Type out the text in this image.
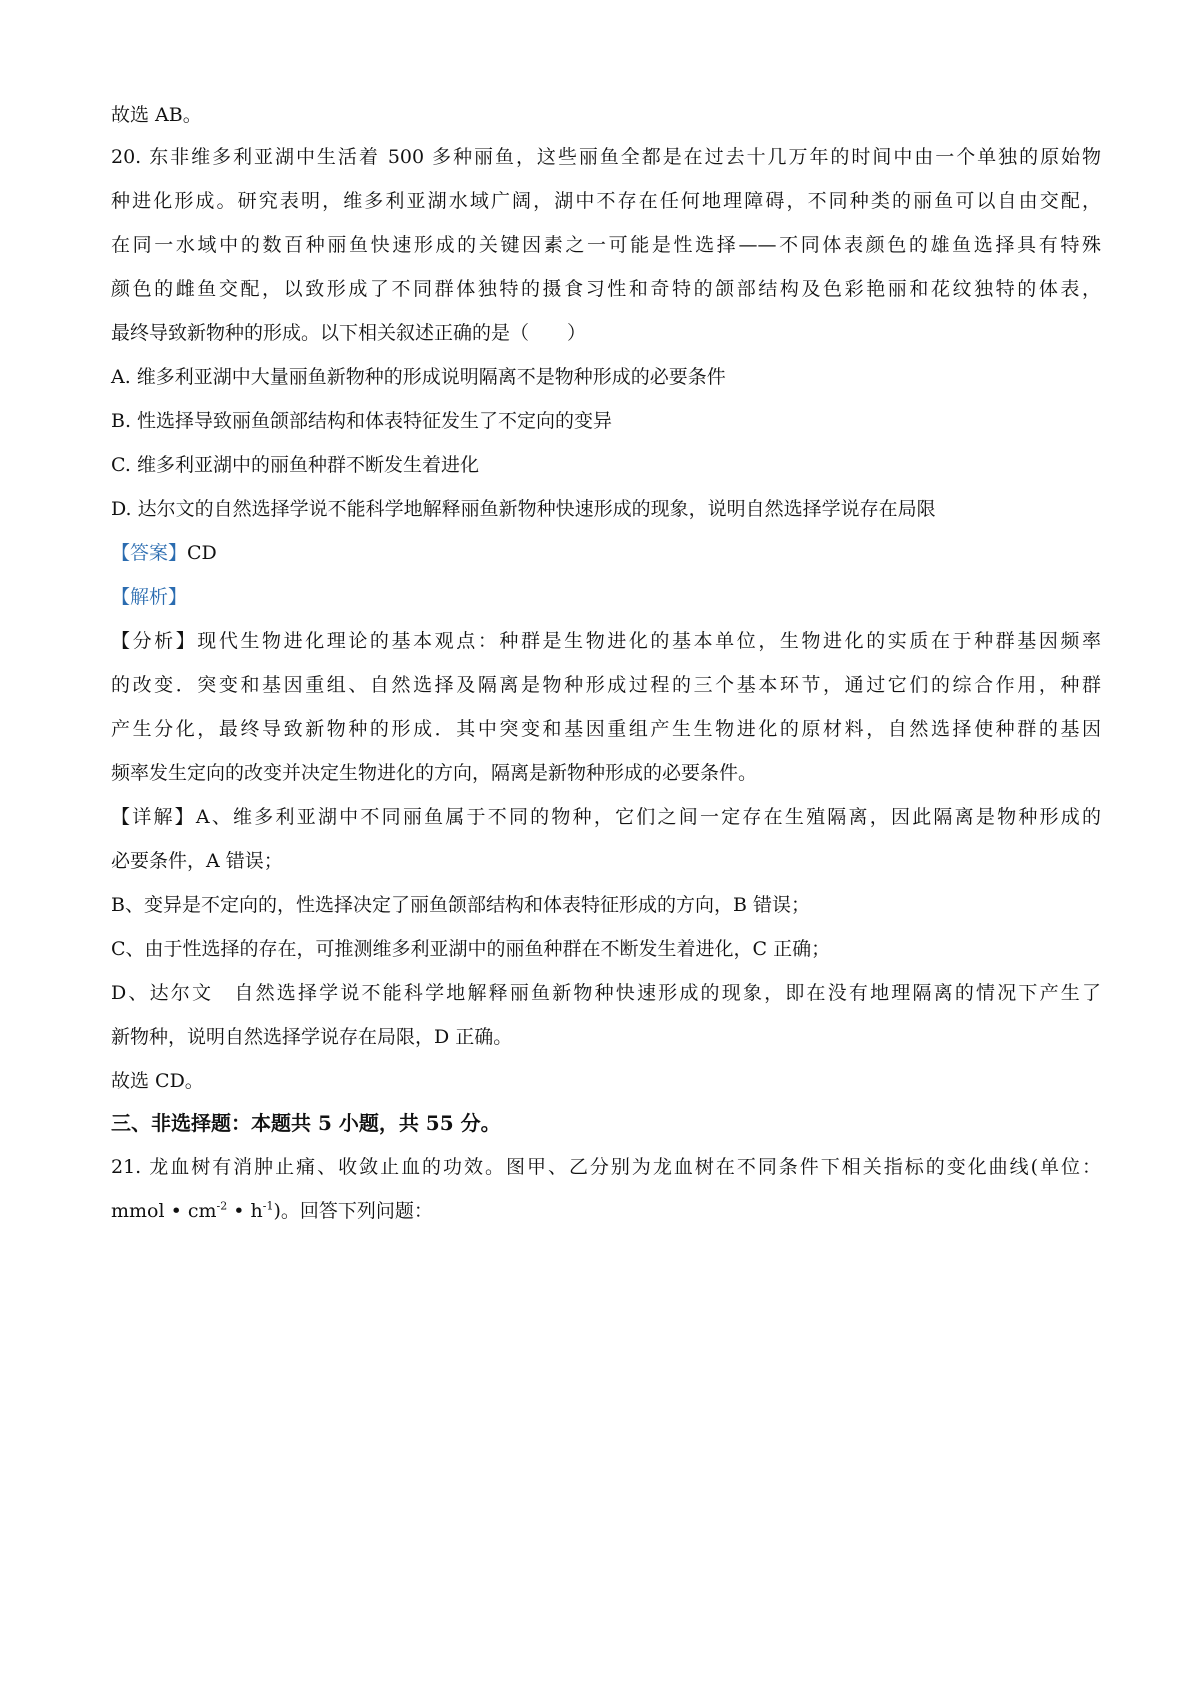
故选 AB。
20. 东非维多利亚湖中生活着 500 多种丽鱼，这些丽鱼全都是在过去十几万年的时间中由一个单独的原始物
种进化形成。研究表明，维多利亚湖水域广阔，湖中不存在任何地理障碍，不同种类的丽鱼可以自由交配，
在同一水域中的数百种丽鱼快速形成的关键因素之一可能是性选择——不同体表颜色的雄鱼选择具有特殊
颜色的雌鱼交配，以致形成了不同群体独特的摄食习性和奇特的颌部结构及色彩艳丽和花纹独特的体表，
最终导致新物种的形成。以下相关叙述正确的是（　　）
A. 维多利亚湖中大量丽鱼新物种的形成说明隔离不是物种形成的必要条件
B. 性选择导致丽鱼颌部结构和体表特征发生了不定向的变异
C. 维多利亚湖中的丽鱼种群不断发生着进化
D. 达尔文的自然选择学说不能科学地解释丽鱼新物种快速形成的现象，说明自然选择学说存在局限
【答案】CD
【解析】
【分析】现代生物进化理论的基本观点：种群是生物进化的基本单位，生物进化的实质在于种群基因频率
的改变．突变和基因重组、自然选择及隔离是物种形成过程的三个基本环节，通过它们的综合作用，种群
产生分化，最终导致新物种的形成．其中突变和基因重组产生生物进化的原材料，自然选择使种群的基因
频率发生定向的改变并决定生物进化的方向，隔离是新物种形成的必要条件。
【详解】A、维多利亚湖中不同丽鱼属于不同的物种，它们之间一定存在生殖隔离，因此隔离是物种形成的
必要条件，A 错误；
B、变异是不定向的，性选择决定了丽鱼颌部结构和体表特征形成的方向，B 错误；
C、由于性选择的存在，可推测维多利亚湖中的丽鱼种群在不断发生着进化，C 正确；
D、达尔文　自然选择学说不能科学地解释丽鱼新物种快速形成的现象，即在没有地理隔离的情况下产生了
新物种，说明自然选择学说存在局限，D 正确。
故选 CD。
三、非选择题：本题共 5 小题，共 55 分。
21. 龙血树有消肿止痛、收敛止血的功效。图甲、乙分别为龙血树在不同条件下相关指标的变化曲线(单位：
mmol • $cm^{-2}$ • $h^{-1}$)。回答下列问题：
